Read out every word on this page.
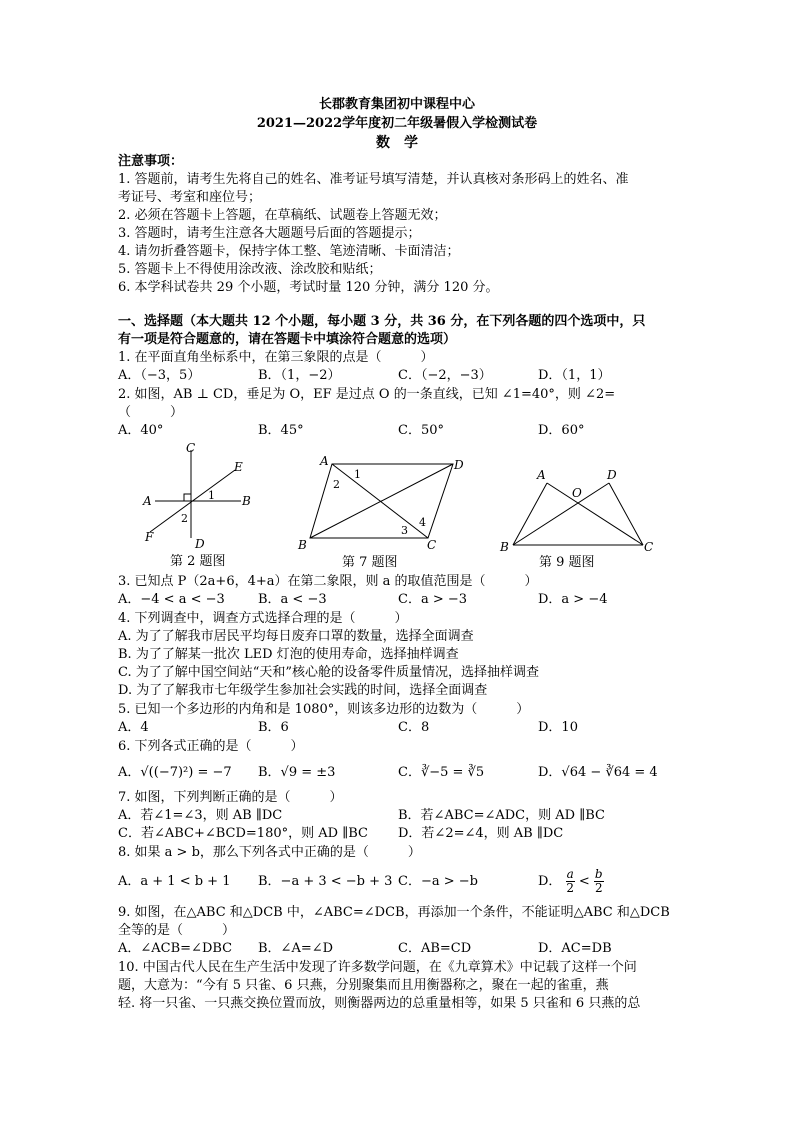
长郡教育集团初中课程中心
2021—2022学年度初二年级暑假入学检测试卷
数　学
注意事项：
1. 答题前，请考生先将自己的姓名、准考证号填写清楚，并认真核对条形码上的姓名、准
考证号、考室和座位号；
2. 必须在答题卡上答题，在草稿纸、试题卷上答题无效；
3. 答题时，请考生注意各大题题号后面的答题提示；
4. 请勿折叠答题卡，保持字体工整、笔迹清晰、卡面清洁；
5. 答题卡上不得使用涂改液、涂改胶和贴纸；
6. 本学科试卷共 29 个小题，考试时量 120 分钟，满分 120 分。
一、选择题（本大题共 12 个小题，每小题 3 分，共 36 分，在下列各题的四个选项中，只
有一项是符合题意的，请在答题卡中填涂符合题意的选项）
1. 在平面直角坐标系中，在第三象限的点是（　　　）
A．（−3，5）	B．（1，−2）	C．（−2，−3）	D．（1，1）
2. 如图，AB ⊥ CD，垂足为 O，EF 是过点 O 的一条直线，已知 ∠1=40°，则 ∠2=
（　　　）
A．40°	B．45°	C．50°	D．60°
C
E
A	1 B
2
F	D
第 2 题图
A
1
2
D
3
4
B	C
第 7 题图
A	D
O
B	C
第 9 题图
3. 已知点 P（2a+6，4+a）在第二象限，则 a 的取值范围是（　　　）
A．−4 < a < −3	B．a < −3	C．a > −3	D．a > −4
4. 下列调查中，调查方式选择合理的是（　　　）
A. 为了了解我市居民平均每日废弃口罩的数量，选择全面调查
B. 为了了解某一批次 LED 灯泡的使用寿命，选择抽样调查
C. 为了了解中国空间站“天和”核心舱的设备零件质量情况，选择抽样调查
D. 为了了解我市七年级学生参加社会实践的时间，选择全面调查
5. 已知一个多边形的内角和是 1080°，则该多边形的边数为（　　　）
A．4	B．6	C．8	D．10
6. 下列各式正确的是（　　　）
A．√((−7)²) = −7 B．√9 = ±3	C．∛−5 = ∛5	D．√64 − ∛64 = 4
7. 如图，下列判断正确的是（　　　）
A．若∠1=∠3，则 AB ∥DC	B．若∠ABC=∠ADC，则 AD ∥BC
C．若∠ABC+∠BCD=180°，则 AD ∥BC D．若∠2=∠4，则 AB ∥DC
8. 如果 a > b，那么下列各式中正确的是（　　　）
A．a + 1 < b + 1 B．−a + 3 < −b + 3 C．−a > −b	D． $\frac{a}{2} < \frac{b}{2}$
9. 如图，在△ABC 和△DCB 中，∠ABC=∠DCB，再添加一个条件，不能证明△ABC 和△DCB
全等的是（　　　）
A．∠ACB=∠DBC B．∠A=∠D	C．AB=CD	D．AC=DB
10. 中国古代人民在生产生活中发现了许多数学问题，在《九章算术》中记载了这样一个问
题，大意为：“今有 5 只雀、6 只燕，分别聚集而且用衡器称之，聚在一起的雀重，燕
轻. 将一只雀、一只燕交换位置而放，则衡器两边的总重量相等，如果 5 只雀和 6 只燕的总
